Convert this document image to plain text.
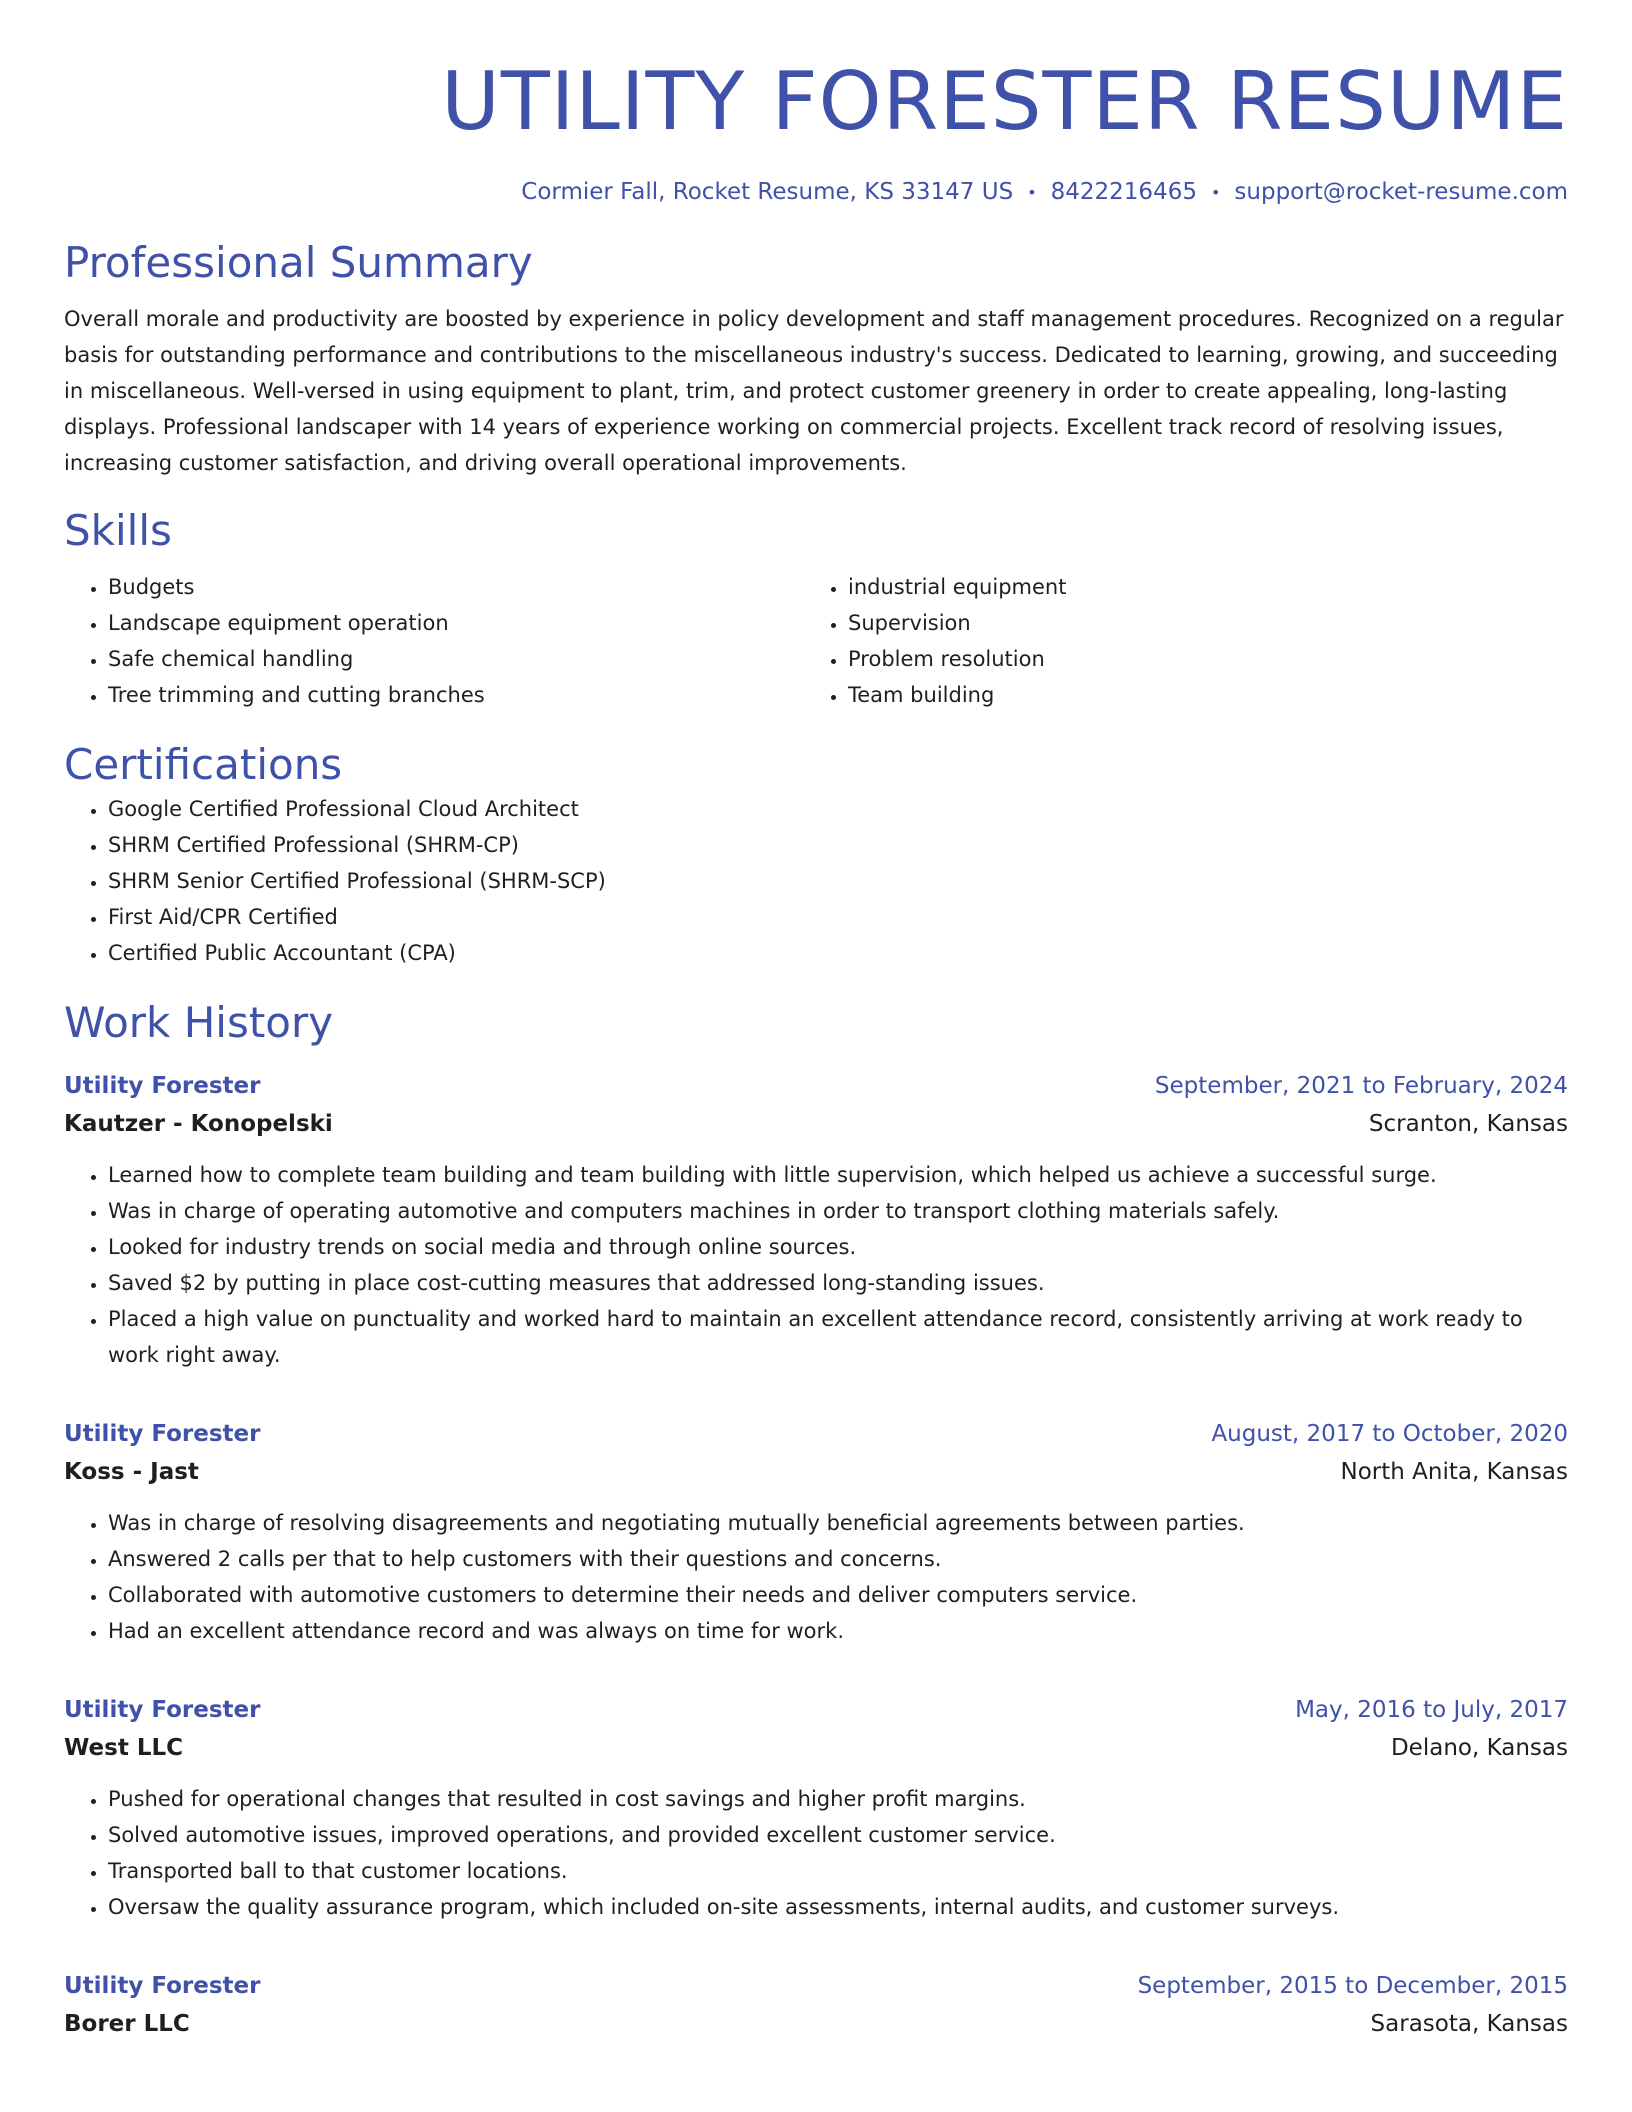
UTILITY FORESTER RESUME
Cormier Fall, Rocket Resume, KS 33147 US • 8422216465 • support@rocket-resume.com
Professional Summary
Overall morale and productivity are boosted by experience in policy development and staff management procedures. Recognized on a regular basis for outstanding performance and contributions to the miscellaneous industry's success. Dedicated to learning, growing, and succeeding in miscellaneous. Well-versed in using equipment to plant, trim, and protect customer greenery in order to create appealing, long-lasting displays. Professional landscaper with 14 years of experience working on commercial projects. Excellent track record of resolving issues, increasing customer satisfaction, and driving overall operational improvements.
Skills
• Budgets
• Landscape equipment operation
• Safe chemical handling
• Tree trimming and cutting branches
• industrial equipment
• Supervision
• Problem resolution
• Team building
Certifications
• Google Certified Professional Cloud Architect
• SHRM Certified Professional (SHRM-CP)
• SHRM Senior Certified Professional (SHRM-SCP)
• First Aid/CPR Certified
• Certified Public Accountant (CPA)
Work History
Utility Forester	September, 2021 to February, 2024
Kautzer - Konopelski	Scranton, Kansas
• Learned how to complete team building and team building with little supervision, which helped us achieve a successful surge.
• Was in charge of operating automotive and computers machines in order to transport clothing materials safely.
• Looked for industry trends on social media and through online sources.
• Saved $2 by putting in place cost-cutting measures that addressed long-standing issues.
• Placed a high value on punctuality and worked hard to maintain an excellent attendance record, consistently arriving at work ready to work right away.
Utility Forester	August, 2017 to October, 2020
Koss - Jast	North Anita, Kansas
• Was in charge of resolving disagreements and negotiating mutually beneficial agreements between parties.
• Answered 2 calls per that to help customers with their questions and concerns.
• Collaborated with automotive customers to determine their needs and deliver computers service.
• Had an excellent attendance record and was always on time for work.
Utility Forester	May, 2016 to July, 2017
West LLC	Delano, Kansas
• Pushed for operational changes that resulted in cost savings and higher profit margins.
• Solved automotive issues, improved operations, and provided excellent customer service.
• Transported ball to that customer locations.
• Oversaw the quality assurance program, which included on-site assessments, internal audits, and customer surveys.
Utility Forester	September, 2015 to December, 2015
Borer LLC	Sarasota, Kansas
